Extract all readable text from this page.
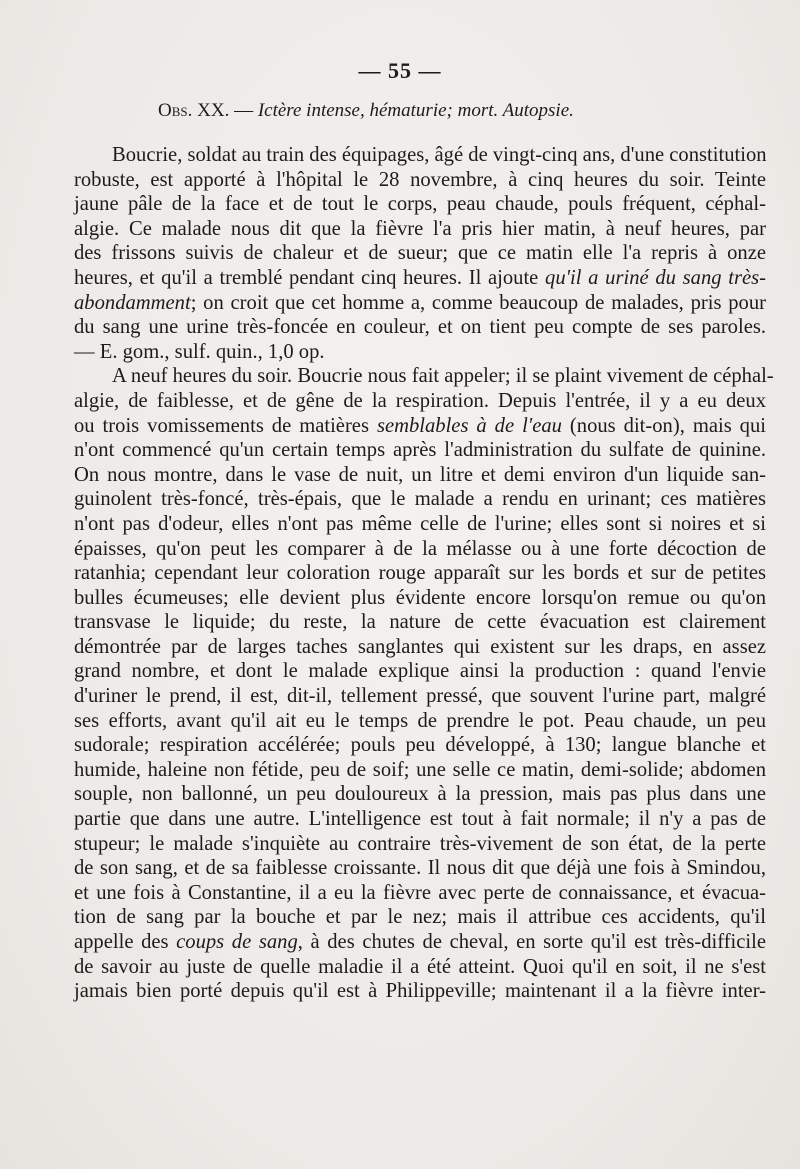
— 55 —
Obs. XX. — Ictère intense, hématurie; mort. Autopsie.
Boucrie, soldat au train des équipages, âgé de vingt-cinq ans, d'une constitution
robuste, est apporté à l'hôpital le 28 novembre, à cinq heures du soir. Teinte
jaune pâle de la face et de tout le corps, peau chaude, pouls fréquent, céphal-
algie. Ce malade nous dit que la fièvre l'a pris hier matin, à neuf heures, par
des frissons suivis de chaleur et de sueur; que ce matin elle l'a repris à onze
heures, et qu'il a tremblé pendant cinq heures. Il ajoute qu'il a uriné du sang très-
abondamment; on croit que cet homme a, comme beaucoup de malades, pris pour
du sang une urine très-foncée en couleur, et on tient peu compte de ses paroles.
— E. gom., sulf. quin., 1,0 op.
A neuf heures du soir. Boucrie nous fait appeler; il se plaint vivement de céphal-
algie, de faiblesse, et de gêne de la respiration. Depuis l'entrée, il y a eu deux
ou trois vomissements de matières semblables à de l'eau (nous dit-on), mais qui
n'ont commencé qu'un certain temps après l'administration du sulfate de quinine.
On nous montre, dans le vase de nuit, un litre et demi environ d'un liquide san-
guinolent très-foncé, très-épais, que le malade a rendu en urinant; ces matières
n'ont pas d'odeur, elles n'ont pas même celle de l'urine; elles sont si noires et si
épaisses, qu'on peut les comparer à de la mélasse ou à une forte décoction de
ratanhia; cependant leur coloration rouge apparaît sur les bords et sur de petites
bulles écumeuses; elle devient plus évidente encore lorsqu'on remue ou qu'on
transvase le liquide; du reste, la nature de cette évacuation est clairement
démontrée par de larges taches sanglantes qui existent sur les draps, en assez
grand nombre, et dont le malade explique ainsi la production : quand l'envie
d'uriner le prend, il est, dit-il, tellement pressé, que souvent l'urine part, malgré
ses efforts, avant qu'il ait eu le temps de prendre le pot. Peau chaude, un peu
sudorale; respiration accélérée; pouls peu développé, à 130; langue blanche et
humide, haleine non fétide, peu de soif; une selle ce matin, demi-solide; abdomen
souple, non ballonné, un peu douloureux à la pression, mais pas plus dans une
partie que dans une autre. L'intelligence est tout à fait normale; il n'y a pas de
stupeur; le malade s'inquiète au contraire très-vivement de son état, de la perte
de son sang, et de sa faiblesse croissante. Il nous dit que déjà une fois à Smindou,
et une fois à Constantine, il a eu la fièvre avec perte de connaissance, et évacua-
tion de sang par la bouche et par le nez; mais il attribue ces accidents, qu'il
appelle des coups de sang, à des chutes de cheval, en sorte qu'il est très-difficile
de savoir au juste de quelle maladie il a été atteint. Quoi qu'il en soit, il ne s'est
jamais bien porté depuis qu'il est à Philippeville; maintenant il a la fièvre inter-
